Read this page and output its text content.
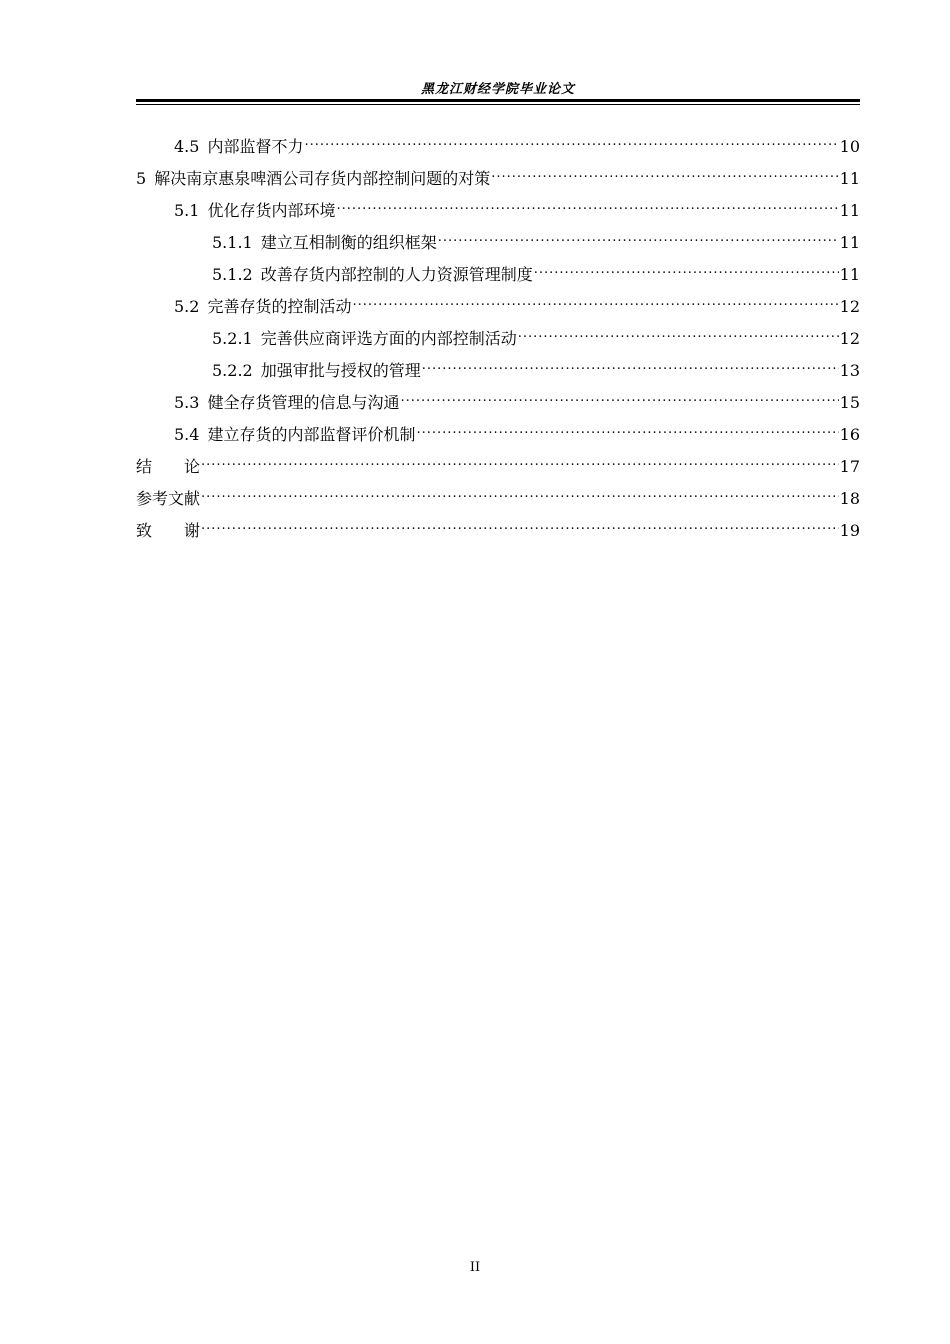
黑龙江财经学院毕业论文
4.5 内部监督不力 .....	10
5 解决南京惠泉啤酒公司存货内部控制问题的对策 .....	11
5.1 优化存货内部环境 .....	11
5.1.1 建立互相制衡的组织框架 .....	11
5.1.2 改善存货内部控制的人力资源管理制度 .....	11
5.2 完善存货的控制活动 .....	12
5.2.1 完善供应商评选方面的内部控制活动 .....	12
5.2.2 加强审批与授权的管理 .....	13
5.3 健全存货管理的信息与沟通 .....	15
5.4 建立存货的内部监督评价机制 .....	16
结　　论 .....	17
参考文献 .....	18
致　　谢 .....	19
II
